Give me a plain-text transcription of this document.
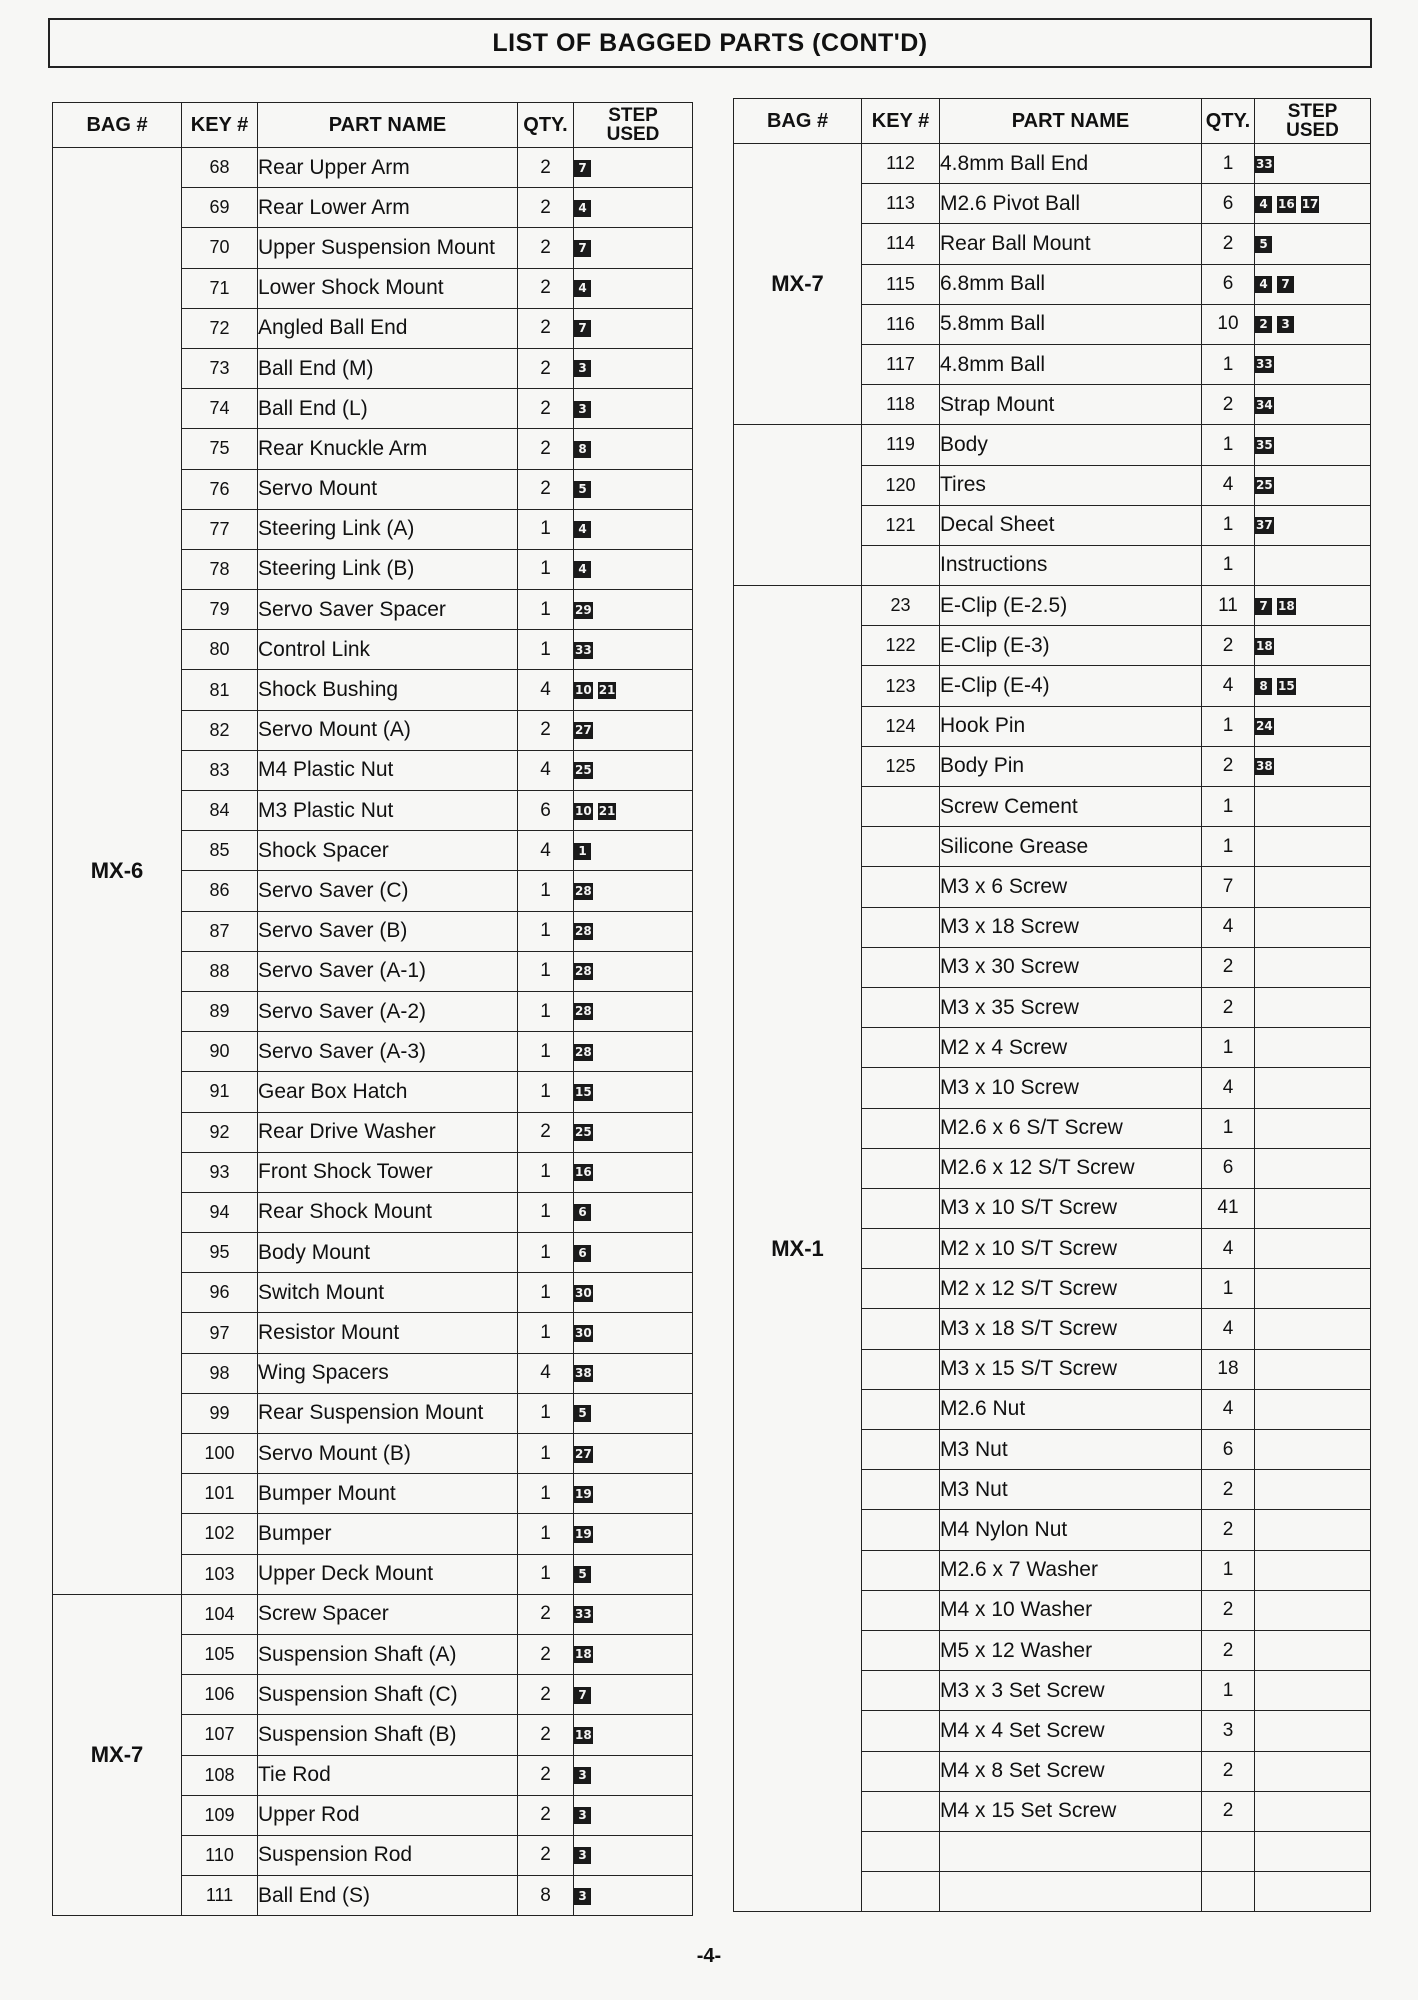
LIST OF BAGGED PARTS (CONT'D)
BAG #	KEY #	PART NAME	QTY.	STEP
USED

MX-6	68	Rear Upper Arm	2	7
	69	Rear Lower Arm	2	4
	70	Upper Suspension Mount	2	7
	71	Lower Shock Mount	2	4
	72	Angled Ball End	2	7
	73	Ball End (M)	2	3
	74	Ball End (L)	2	3
	75	Rear Knuckle Arm	2	8
	76	Servo Mount	2	5
	77	Steering Link (A)	1	4
	78	Steering Link (B)	1	4
	79	Servo Saver Spacer	1	29
	80	Control Link	1	33
	81	Shock Bushing	4	10 21
	82	Servo Mount (A)	2	27
	83	M4 Plastic Nut	4	25
	84	M3 Plastic Nut	6	10 21
	85	Shock Spacer	4	1
	86	Servo Saver (C)	1	28
	87	Servo Saver (B)	1	28
	88	Servo Saver (A-1)	1	28
	89	Servo Saver (A-2)	1	28
	90	Servo Saver (A-3)	1	28
	91	Gear Box Hatch	1	15
	92	Rear Drive Washer	2	25
	93	Front Shock Tower	1	16
	94	Rear Shock Mount	1	6
	95	Body Mount	1	6
	96	Switch Mount	1	30
	97	Resistor Mount	1	30
	98	Wing Spacers	4	38
	99	Rear Suspension Mount	1	5
	100	Servo Mount (B)	1	27
	101	Bumper Mount	1	19
	102	Bumper	1	19
	103	Upper Deck Mount	1	5
MX-7	104	Screw Spacer	2	33
	105	Suspension Shaft (A)	2	18
	106	Suspension Shaft (C)	2	7
	107	Suspension Shaft (B)	2	18
	108	Tie Rod	2	3
	109	Upper Rod	2	3
	110	Suspension Rod	2	3
	111	Ball End (S)	8	3
BAG #	KEY #	PART NAME	QTY.	STEP
USED

MX-7	112	4.8mm Ball End	1	33
	113	M2.6 Pivot Ball	6	4 16 17
	114	Rear Ball Mount	2	5
	115	6.8mm Ball	6	4 7
	116	5.8mm Ball	10	2 3
	117	4.8mm Ball	1	33
	118	Strap Mount	2	34
	119	Body	1	35
	120	Tires	4	25
	121	Decal Sheet	1	37
		Instructions	1	
MX-1	23	E-Clip (E-2.5)	11	7 18
	122	E-Clip (E-3)	2	18
	123	E-Clip (E-4)	4	8 15
	124	Hook Pin	1	24
	125	Body Pin	2	38
		Screw Cement	1	
		Silicone Grease	1	
		M3 x 6 Screw	7	
		M3 x 18 Screw	4	
		M3 x 30 Screw	2	
		M3 x 35 Screw	2	
		M2 x 4 Screw	1	
		M3 x 10 Screw	4	
		M2.6 x 6 S/T Screw	1	
		M2.6 x 12 S/T Screw	6	
		M3 x 10 S/T Screw	41	
		M2 x 10 S/T Screw	4	
		M2 x 12 S/T Screw	1	
		M3 x 18 S/T Screw	4	
		M3 x 15 S/T Screw	18	
		M2.6 Nut	4	
		M3 Nut	6	
		M3 Nut	2	
		M4 Nylon Nut	2	
		M2.6 x 7 Washer	1	
		M4 x 10 Washer	2	
		M5 x 12 Washer	2	
		M3 x 3 Set Screw	1	
		M4 x 4 Set Screw	3	
		M4 x 8 Set Screw	2	
		M4 x 15 Set Screw	2	

-4-
